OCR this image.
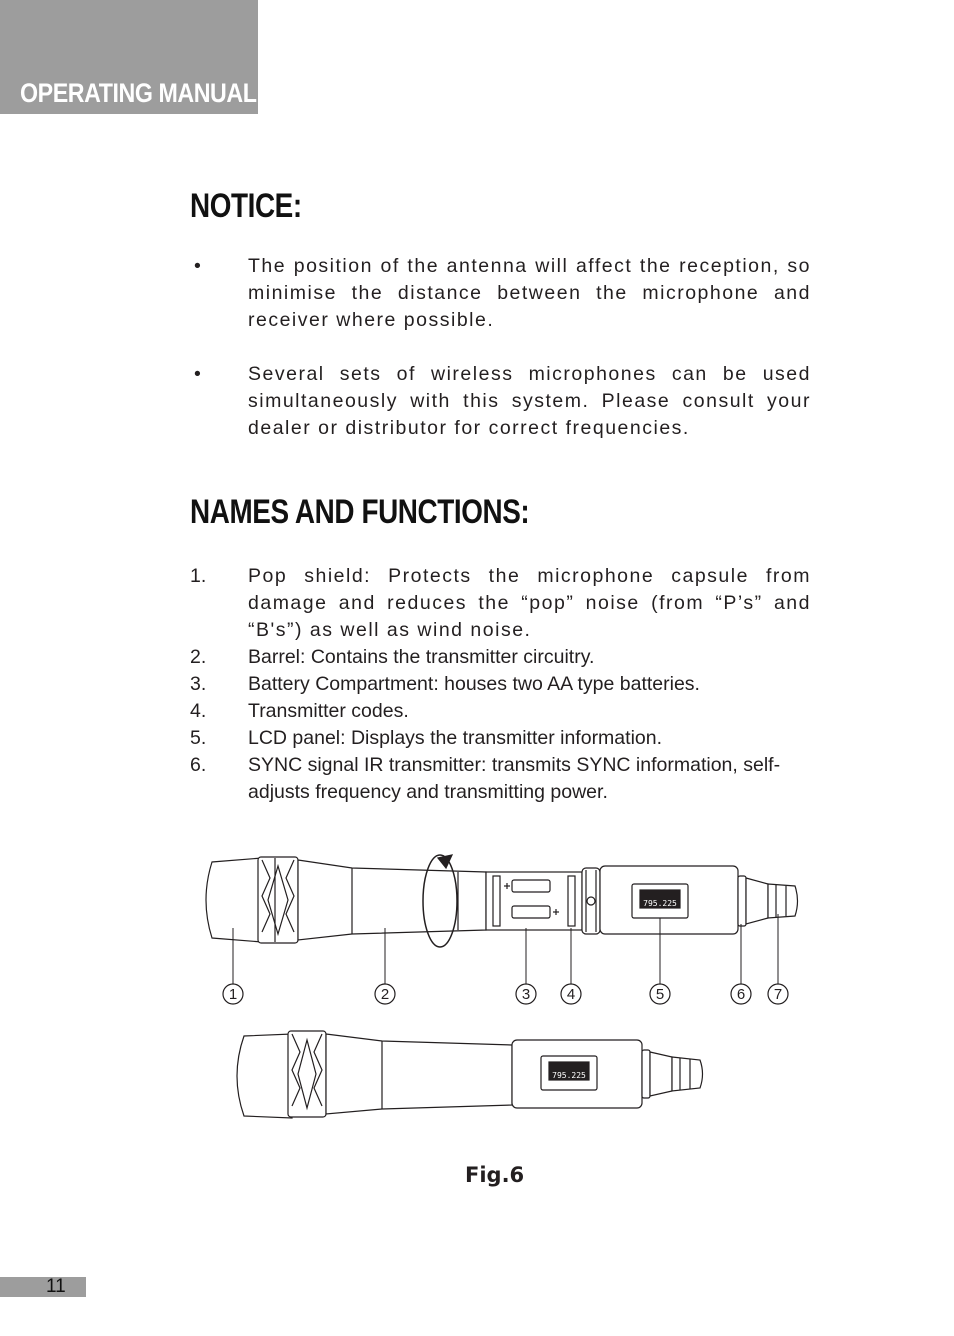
OPERATING MANUAL
NOTICE:
• The position of the antenna will affect the reception, so minimise the distance between the microphone and receiver where possible.
• Several sets of wireless microphones can be used simultaneously with this system. Please consult your dealer or distributor for correct frequencies.
NAMES AND FUNCTIONS:
1. Pop shield: Protects the microphone capsule from damage and reduces the “pop” noise (from “P’s” and “B's”) as well as wind noise.
2. Barrel: Contains the transmitter circuitry.
3. Battery Compartment: houses two AA type batteries.
4. Transmitter codes.
5. LCD panel: Displays the transmitter information.
6. SYNC signal IR transmitter: transmits SYNC information, self-adjusts frequency and transmitting power.
795.225
1	2	3 4	5	6 7
795.225
Fig.6
11
